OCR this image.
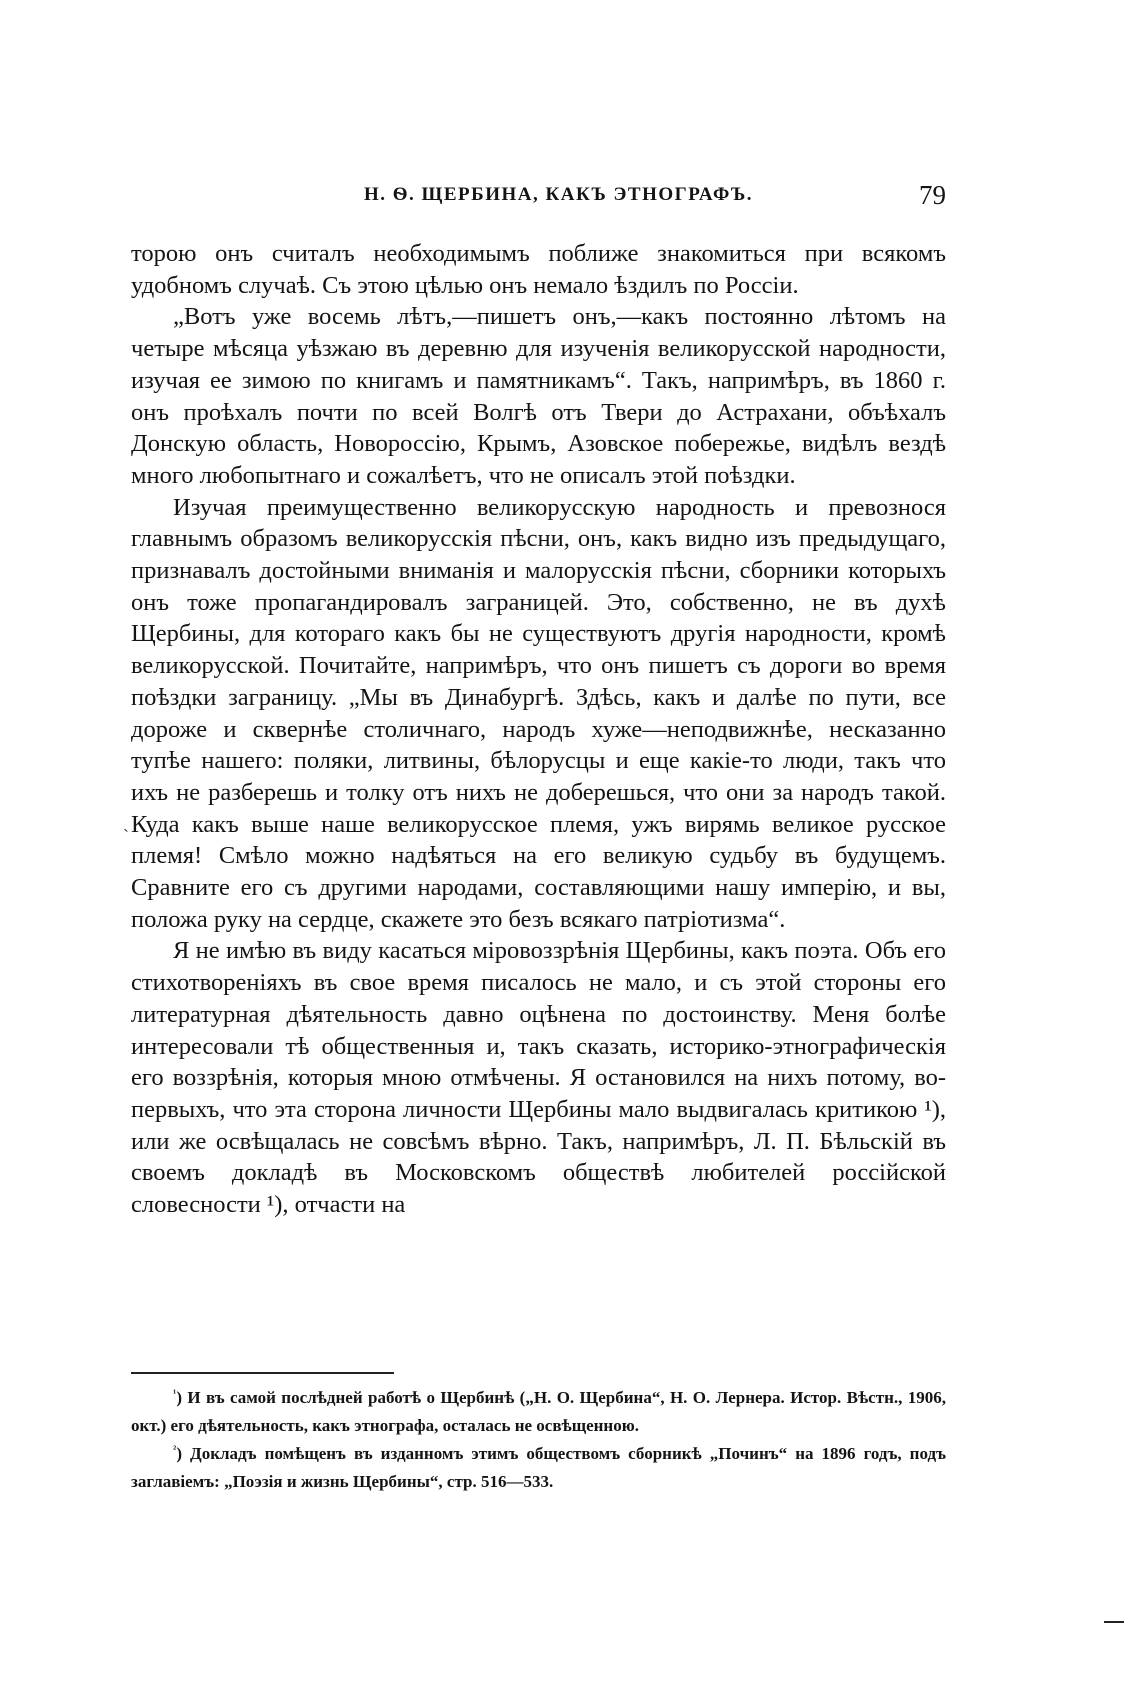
Н. Ѳ. ЩЕРБИНА, КАКЪ ЭТНОГРАФЪ.	79

торою онъ считалъ необходимымъ поближе знакомиться при всякомъ удобномъ случаѣ. Съ этою цѣлью онъ немало ѣздилъ по Россіи.

„Вотъ уже восемь лѣтъ,—пишетъ онъ,—какъ постоянно лѣтомъ на четыре мѣсяца уѣзжаю въ деревню для изученія великорусской народности, изучая ее зимою по книгамъ и памятникамъ“. Такъ, напримѣръ, въ 1860 г. онъ проѣхалъ почти по всей Волгѣ отъ Твери до Астрахани, объѣхалъ Донскую область, Новороссію, Крымъ, Азовское побережье, видѣлъ вездѣ много любопытнаго и сожалѣетъ, что не описалъ этой поѣздки.

Изучая преимущественно великорусскую народность и превознося главнымъ образомъ великорусскія пѣсни, онъ, какъ видно изъ предыдущаго, признавалъ достойными вниманія и малорусскія пѣсни, сборники которыхъ онъ тоже пропагандировалъ заграницей. Это, собственно, не въ духѣ Щербины, для котораго какъ бы не существуютъ другія народности, кромѣ великорусской. Почитайте, напримѣръ, что онъ пишетъ съ дороги во время поѣздки заграницу. „Мы въ Динабургѣ. Здѣсь, какъ и далѣе по пути, все дороже и сквернѣе столичнаго, народъ хуже—неподвижнѣе, несказанно тупѣе нашего: поляки, литвины, бѣлорусцы и еще какіе-то люди, такъ что ихъ не разберешь и толку отъ нихъ не доберешься, что они за народъ такой. Куда какъ выше наше великорусское племя, ужъ вирямь великое русское племя! Смѣло можно надѣяться на его великую судьбу въ будущемъ. Сравните его съ другими народами, составляющими нашу имперію, и вы, положа руку на сердце, скажете это безъ всякаго патріотизма“.

Я не имѣю въ виду касаться міровоззрѣнія Щербины, какъ поэта. Объ его стихотвореніяхъ въ свое время писалось не мало, и съ этой стороны его литературная дѣятельность давно оцѣнена по достоинству. Меня болѣе интересовали тѣ общественныя и, такъ сказать, историко-этнографическія его воззрѣнія, которыя мною отмѣчены. Я остановился на нихъ потому, во-первыхъ, что эта сторона личности Щербины мало выдвигалась критикою ¹), или же освѣщалась не совсѣмъ вѣрно. Такъ, напримѣръ, Л. П. Бѣльскій въ своемъ докладѣ въ Московскомъ обществѣ любителей россійской словесности ¹), отчасти на

ˎ

$^{^1}$) И въ самой послѣдней работѣ о Щербинѣ („Н. О. Щербина“, Н. О. Лернера. Истор. Вѣстн., 1906, окт.) его дѣятельность, какъ этнографа, осталась не освѣщенною.

$^{^2}$) Докладъ помѣщенъ въ изданномъ этимъ обществомъ сборникѣ „Починъ“ на 1896 годъ, подъ заглавіемъ: „Поэзія и жизнь Щербины“, стр. 516—533.
